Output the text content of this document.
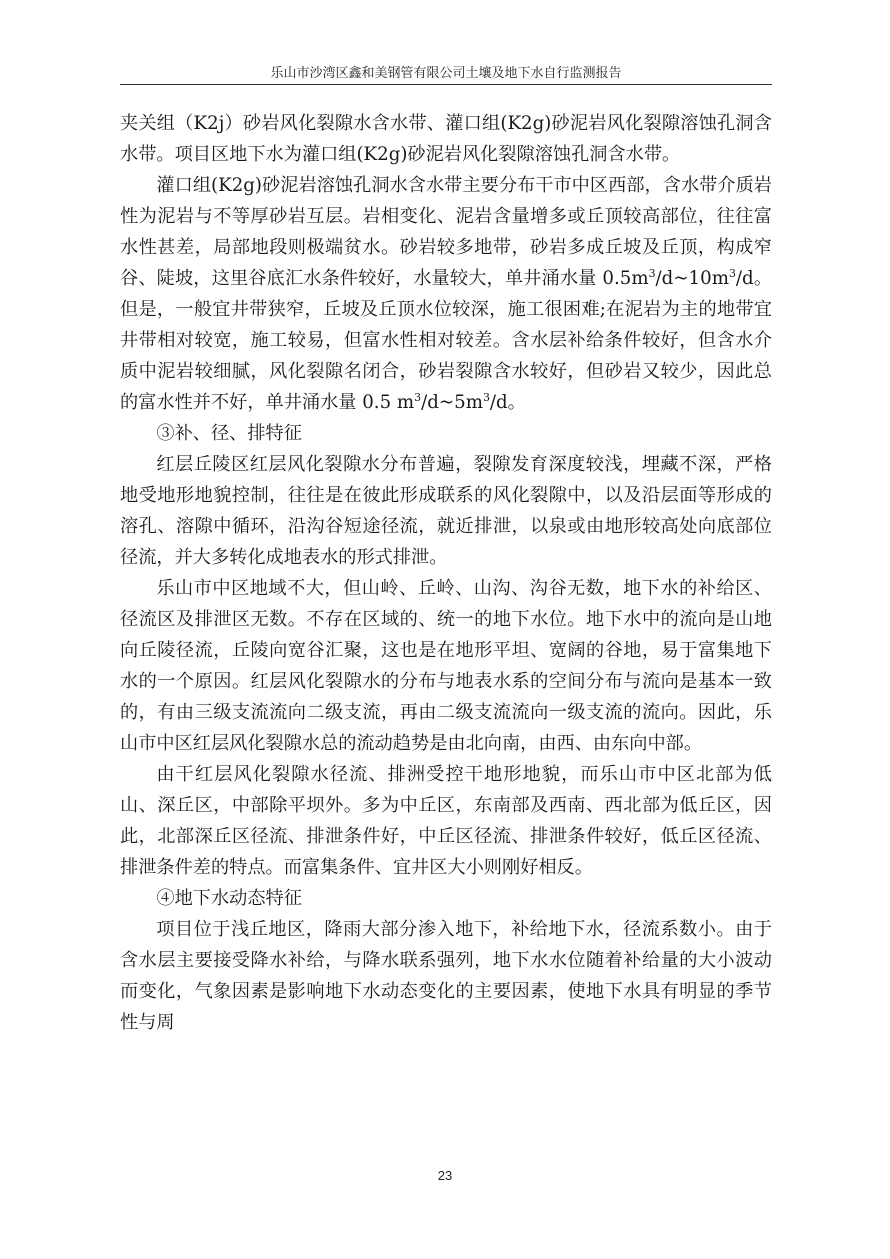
乐山市沙湾区鑫和美钢管有限公司土壤及地下水自行监测报告

夹关组（K2j）砂岩风化裂隙水含水带、灌口组(K2g)砂泥岩风化裂隙溶蚀孔洞含水带。项目区地下水为灌口组(K2g)砂泥岩风化裂隙溶蚀孔洞含水带。

灌口组(K2g)砂泥岩溶蚀孔洞水含水带主要分布干市中区西部，含水带介质岩性为泥岩与不等厚砂岩互层。岩相变化、泥岩含量增多或丘顶较高部位，往往富水性甚差，局部地段则极端贫水。砂岩较多地带，砂岩多成丘坡及丘顶，构成窄谷、陡坡，这里谷底汇水条件较好，水量较大，单井涌水量 $0.5m^3/d\sim 10m^3/d$。但是，一般宜井带狭窄，丘坡及丘顶水位较深，施工很困难;在泥岩为主的地带宜井带相对较宽，施工较易，但富水性相对较差。含水层补给条件较好，但含水介质中泥岩较细腻，风化裂隙名闭合，砂岩裂隙含水较好，但砂岩又较少，因此总的富水性并不好，单井涌水量 0.5 $m^3/d\sim 5m^3/d$。

③补、径、排特征

红层丘陵区红层风化裂隙水分布普遍，裂隙发育深度较浅，埋藏不深，严格地受地形地貌控制，往往是在彼此形成联系的风化裂隙中，以及沿层面等形成的溶孔、溶隙中循环，沿沟谷短途径流，就近排泄，以泉或由地形较高处向底部位径流，并大多转化成地表水的形式排泄。

乐山市中区地域不大，但山岭、丘岭、山沟、沟谷无数，地下水的补给区、径流区及排泄区无数。不存在区域的、统一的地下水位。地下水中的流向是山地向丘陵径流，丘陵向宽谷汇聚，这也是在地形平坦、宽阔的谷地，易于富集地下水的一个原因。红层风化裂隙水的分布与地表水系的空间分布与流向是基本一致的，有由三级支流流向二级支流，再由二级支流流向一级支流的流向。因此，乐山市中区红层风化裂隙水总的流动趋势是由北向南，由西、由东向中部。

由干红层风化裂隙水径流、排洲受控干地形地貌，而乐山市中区北部为低山、深丘区，中部除平坝外。多为中丘区，东南部及西南、西北部为低丘区，因此，北部深丘区径流、排泄条件好，中丘区径流、排泄条件较好，低丘区径流、排泄条件差的特点。而富集条件、宜井区大小则刚好相反。

④地下水动态特征

项目位于浅丘地区，降雨大部分渗入地下，补给地下水，径流系数小。由于含水层主要接受降水补给，与降水联系强列，地下水水位随着补给量的大小波动而变化，气象因素是影响地下水动态变化的主要因素，使地下水具有明显的季节性与周

23
